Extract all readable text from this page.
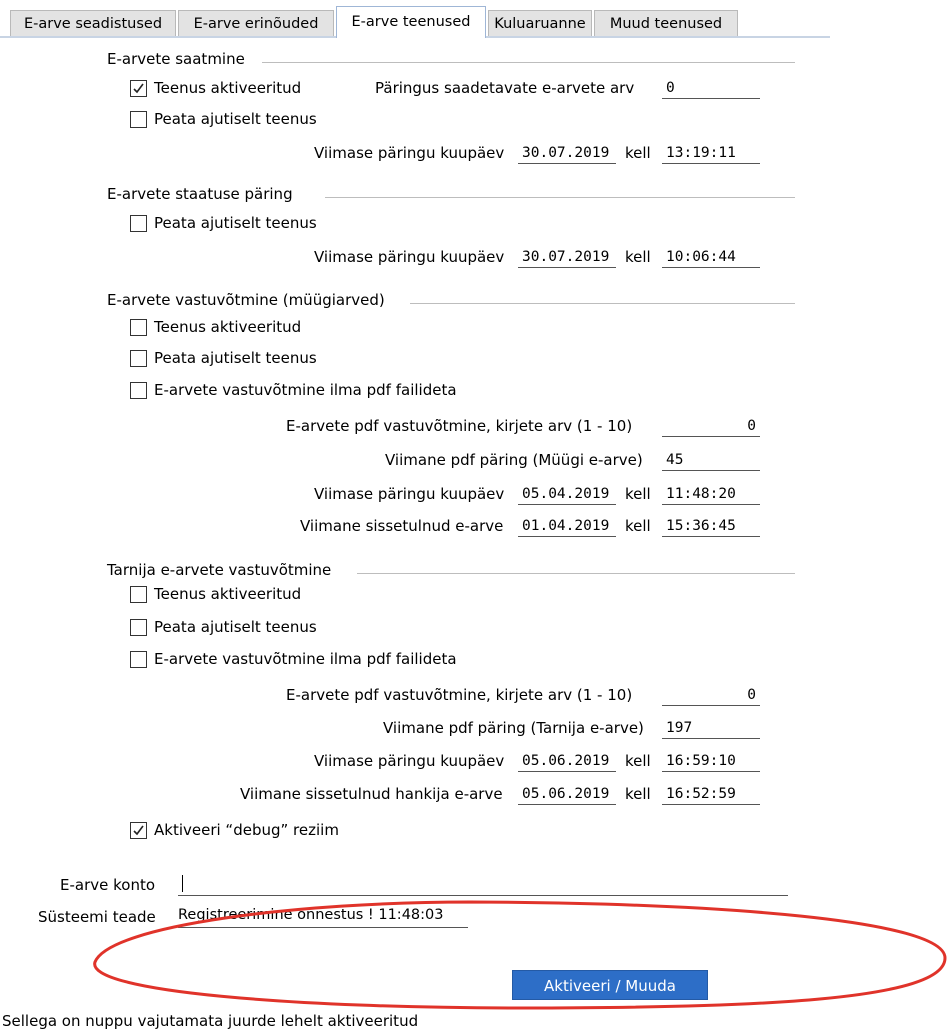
E-arve seadistused	E-arve erinõuded	E-arve teenused	Kuluaruanne	Muud teenused
E-arvete saatmine
Teenus aktiveeritud	Päringus saadetavate e-arvete arv 0
Peata ajutiselt teenus
Viimase päringu kuupäev 30.07.2019	kell 13:19:11
E-arvete staatuse päring
Peata ajutiselt teenus
Viimase päringu kuupäev 30.07.2019	kell 10:06:44
E-arvete vastuvõtmine (müügiarved)
Teenus aktiveeritud
Peata ajutiselt teenus
E-arvete vastuvõtmine ilma pdf failideta
E-arvete pdf vastuvõtmine, kirjete arv (1 - 10)	0
Viimane pdf päring (Müügi e-arve) 45
Viimase päringu kuupäev 05.04.2019	kell 11:48:20
Viimane sissetulnud e-arve 01.04.2019	kell 15:36:45
Tarnija e-arvete vastuvõtmine
Teenus aktiveeritud
Peata ajutiselt teenus
E-arvete vastuvõtmine ilma pdf failideta
E-arvete pdf vastuvõtmine, kirjete arv (1 - 10)	0
Viimane pdf päring (Tarnija e-arve) 197
Viimase päringu kuupäev 05.06.2019	kell 16:59:10
Viimane sissetulnud hankija e-arve 05.06.2019	kell 16:52:59
Aktiveeri “debug” reziim
E-arve konto
Süsteemi teade Registreerimine õnnestus ! 11:48:03
Aktiveeri / Muuda
Sellega on nuppu vajutamata juurde lehelt aktiveeritud
